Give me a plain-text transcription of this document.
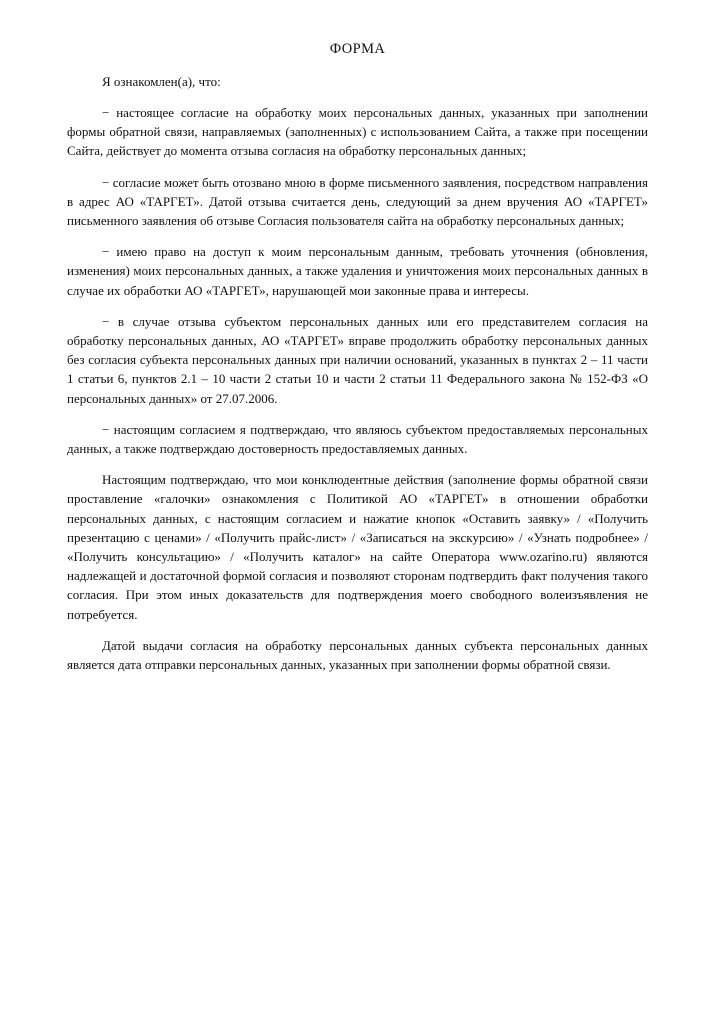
ФОРМА

Я ознакомлен(а), что:

− настоящее согласие на обработку моих персональных данных, указанных при заполнении формы обратной связи, направляемых (заполненных) с использованием Сайта, а также при посещении Сайта, действует до момента отзыва согласия на обработку персональных данных;

− согласие может быть отозвано мною в форме письменного заявления, посредством направления в адрес АО «ТАРГЕТ». Датой отзыва считается день, следующий за днем вручения АО «ТАРГЕТ» письменного заявления об отзыве Согласия пользователя сайта на обработку персональных данных;

− имею право на доступ к моим персональным данным, требовать уточнения (обновления, изменения) моих персональных данных, а также удаления и уничтожения моих персональных данных в случае их обработки АО «ТАРГЕТ», нарушающей мои законные права и интересы.

− в случае отзыва субъектом персональных данных или его представителем согласия на обработку персональных данных, АО «ТАРГЕТ» вправе продолжить обработку персональных данных без согласия субъекта персональных данных при наличии оснований, указанных в пунктах 2 – 11 части 1 статьи 6, пунктов 2.1 – 10 части 2 статьи 10 и части 2 статьи 11 Федерального закона № 152-ФЗ «О персональных данных» от 27.07.2006.

− настоящим согласием я подтверждаю, что являюсь субъектом предоставляемых персональных данных, а также подтверждаю достоверность предоставляемых данных.

Настоящим подтверждаю, что мои конклюдентные действия (заполнение формы обратной связи проставление «галочки» ознакомления с Политикой АО «ТАРГЕТ» в отношении обработки персональных данных, с настоящим согласием и нажатие кнопок «Оставить заявку» / «Получить презентацию с ценами» / «Получить прайс-лист» / «Записаться на экскурсию» / «Узнать подробнее» / «Получить консультацию» / «Получить каталог» на сайте Оператора www.ozarino.ru) являются надлежащей и достаточной формой согласия и позволяют сторонам подтвердить факт получения такого согласия. При этом иных доказательств для подтверждения моего свободного волеизъявления не потребуется.

Датой выдачи согласия на обработку персональных данных субъекта персональных данных является дата отправки персональных данных, указанных при заполнении формы обратной связи.
